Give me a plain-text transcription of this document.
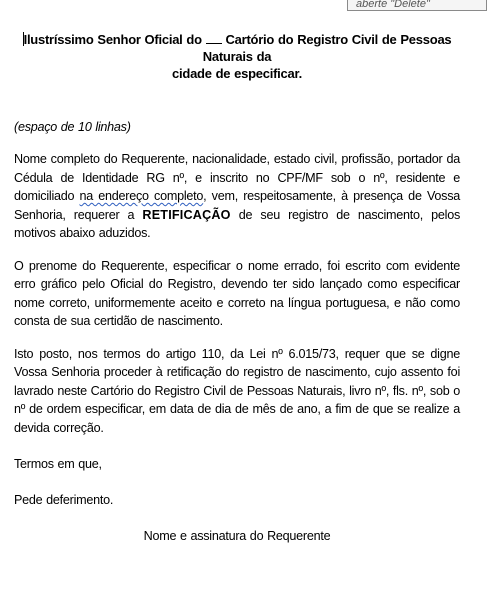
aberte "Delete"

Ilustríssimo Senhor Oficial do Cartório do Registro Civil de Pessoas Naturais da
cidade de especificar.

(espaço de 10 linhas)

Nome completo do Requerente, nacionalidade, estado civil, profissão, portador da Cédula de Identidade RG nº, e inscrito no CPF/MF sob o nº, residente e domiciliado na endereço completo, vem, respeitosamente, à presença de Vossa Senhoria, requerer a RETIFICAÇÃO de seu registro de nascimento, pelos motivos abaixo aduzidos.

O prenome do Requerente, especificar o nome errado, foi escrito com evidente erro gráfico pelo Oficial do Registro, devendo ter sido lançado como especificar nome correto, uniformemente aceito e correto na língua portuguesa, e não como consta de sua certidão de nascimento.

Isto posto, nos termos do artigo 110, da Lei nº 6.015/73, requer que se digne Vossa Senhoria proceder à retificação do registro de nascimento, cujo assento foi lavrado neste Cartório do Registro Civil de Pessoas Naturais, livro nº, fls. nº, sob o nº de ordem especificar, em data de dia de mês de ano, a fim de que se realize a devida correção.

Termos em que,

Pede deferimento.

Nome e assinatura do Requerente
